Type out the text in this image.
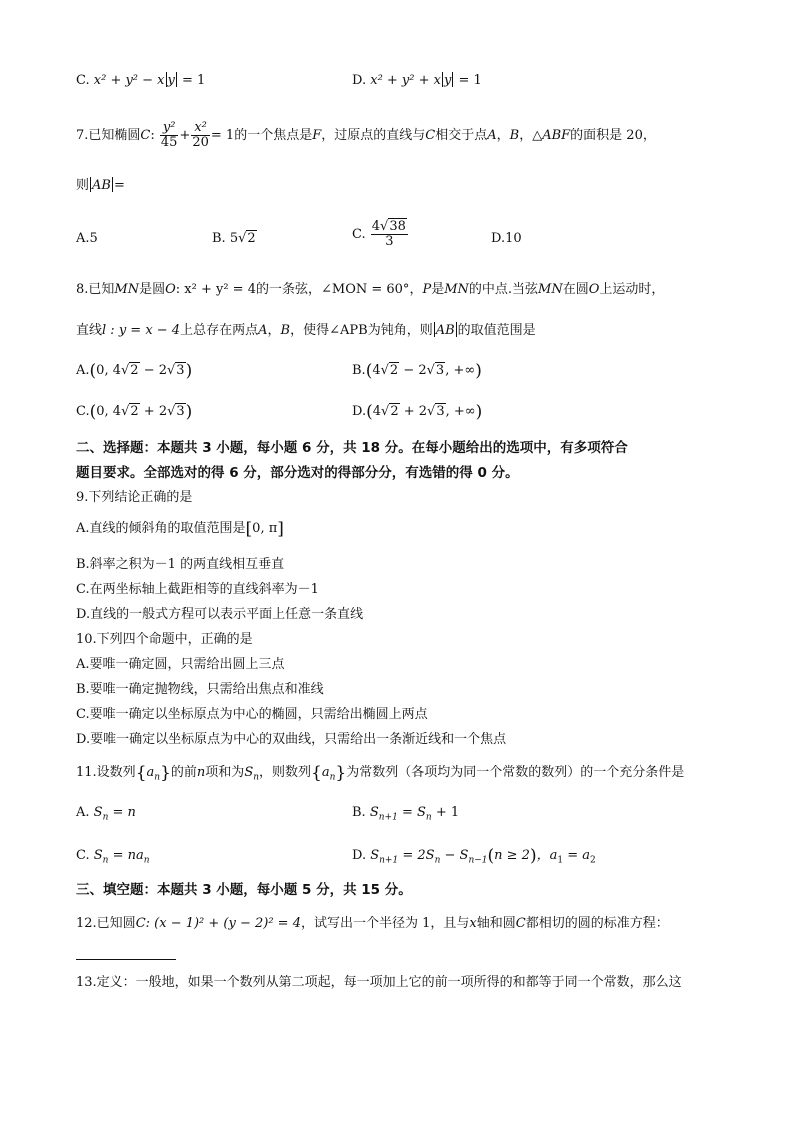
C. x² + y² − x y = 1	D. x² + y² + x y = 1
7.已知椭圆C: $\frac{\text{y²}}{45} + \frac{\text{x²}}{20} = 1$的一个焦点是F，过原点的直线与C相交于点A，B，△ABF的面积是 20，
则 AB =
A.5	B. 5√2	C. $\frac{4√38}{3}$	D.10
8.已知MN是圆O: x² + y² = 4的一条弦，∠MON = 60°，P是MN的中点.当弦MN在圆O上运动时，
直线l : y = x − 4上总存在两点A，B，使得∠APB为钝角，则 AB 的取值范围是
A.(0, 4√2 − 2√3)	B.(4√2 − 2√3, +∞)
C.(0, 4√2 + 2√3)	D.(4√2 + 2√3, +∞)
二、选择题：本题共 3 小题，每小题 6 分，共 18 分。在每小题给出的选项中，有多项符合
题目要求。全部选对的得 6 分，部分选对的得部分分，有选错的得 0 分。
9.下列结论正确的是
A.直线的倾斜角的取值范围是[0, π]
B.斜率之积为－1 的两直线相互垂直
C.在两坐标轴上截距相等的直线斜率为－1
D.直线的一般式方程可以表示平面上任意一条直线
10.下列四个命题中，正确的是
A.要唯一确定圆，只需给出圆上三点
B.要唯一确定抛物线，只需给出焦点和准线
C.要唯一确定以坐标原点为中心的椭圆，只需给出椭圆上两点
D.要唯一确定以坐标原点为中心的双曲线，只需给出一条渐近线和一个焦点
11.设数列$\{a_n\}$的前n项和为$S_n$，则数列$\{a_n\}$为常数列（各项均为同一个常数的数列）的一个充分条件是
A. $S_n = n$	B. $S_{n+1} = S_n + 1$
C. $S_n = na_n$	D. $S_{n+1} = 2S_n - S_{n-1}(n \ge 2)$，$a_1 = a_2$
三、填空题：本题共 3 小题，每小题 5 分，共 15 分。
12.已知圆C: (x − 1)² + (y − 2)² = 4，试写出一个半径为 1，且与x轴和圆C都相切的圆的标准方程：
13.定义：一般地，如果一个数列从第二项起，每一项加上它的前一项所得的和都等于同一个常数，那么这
